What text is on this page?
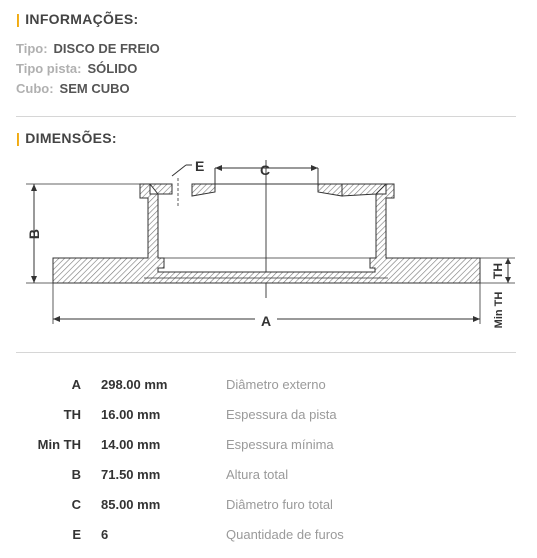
| INFORMAÇÕES:
Tipo: DISCO DE FREIO
Tipo pista: SÓLIDO
Cubo: SEM CUBO
| DIMENSÕES:
C
E
B
TH
Min TH
A
A 298.00 mm	Diâmetro externo
TH 16.00 mm	Espessura da pista
Min TH 14.00 mm	Espessura mínima
B 71.50 mm	Altura total
C 85.00 mm	Diâmetro furo total
E 6	Quantidade de furos
